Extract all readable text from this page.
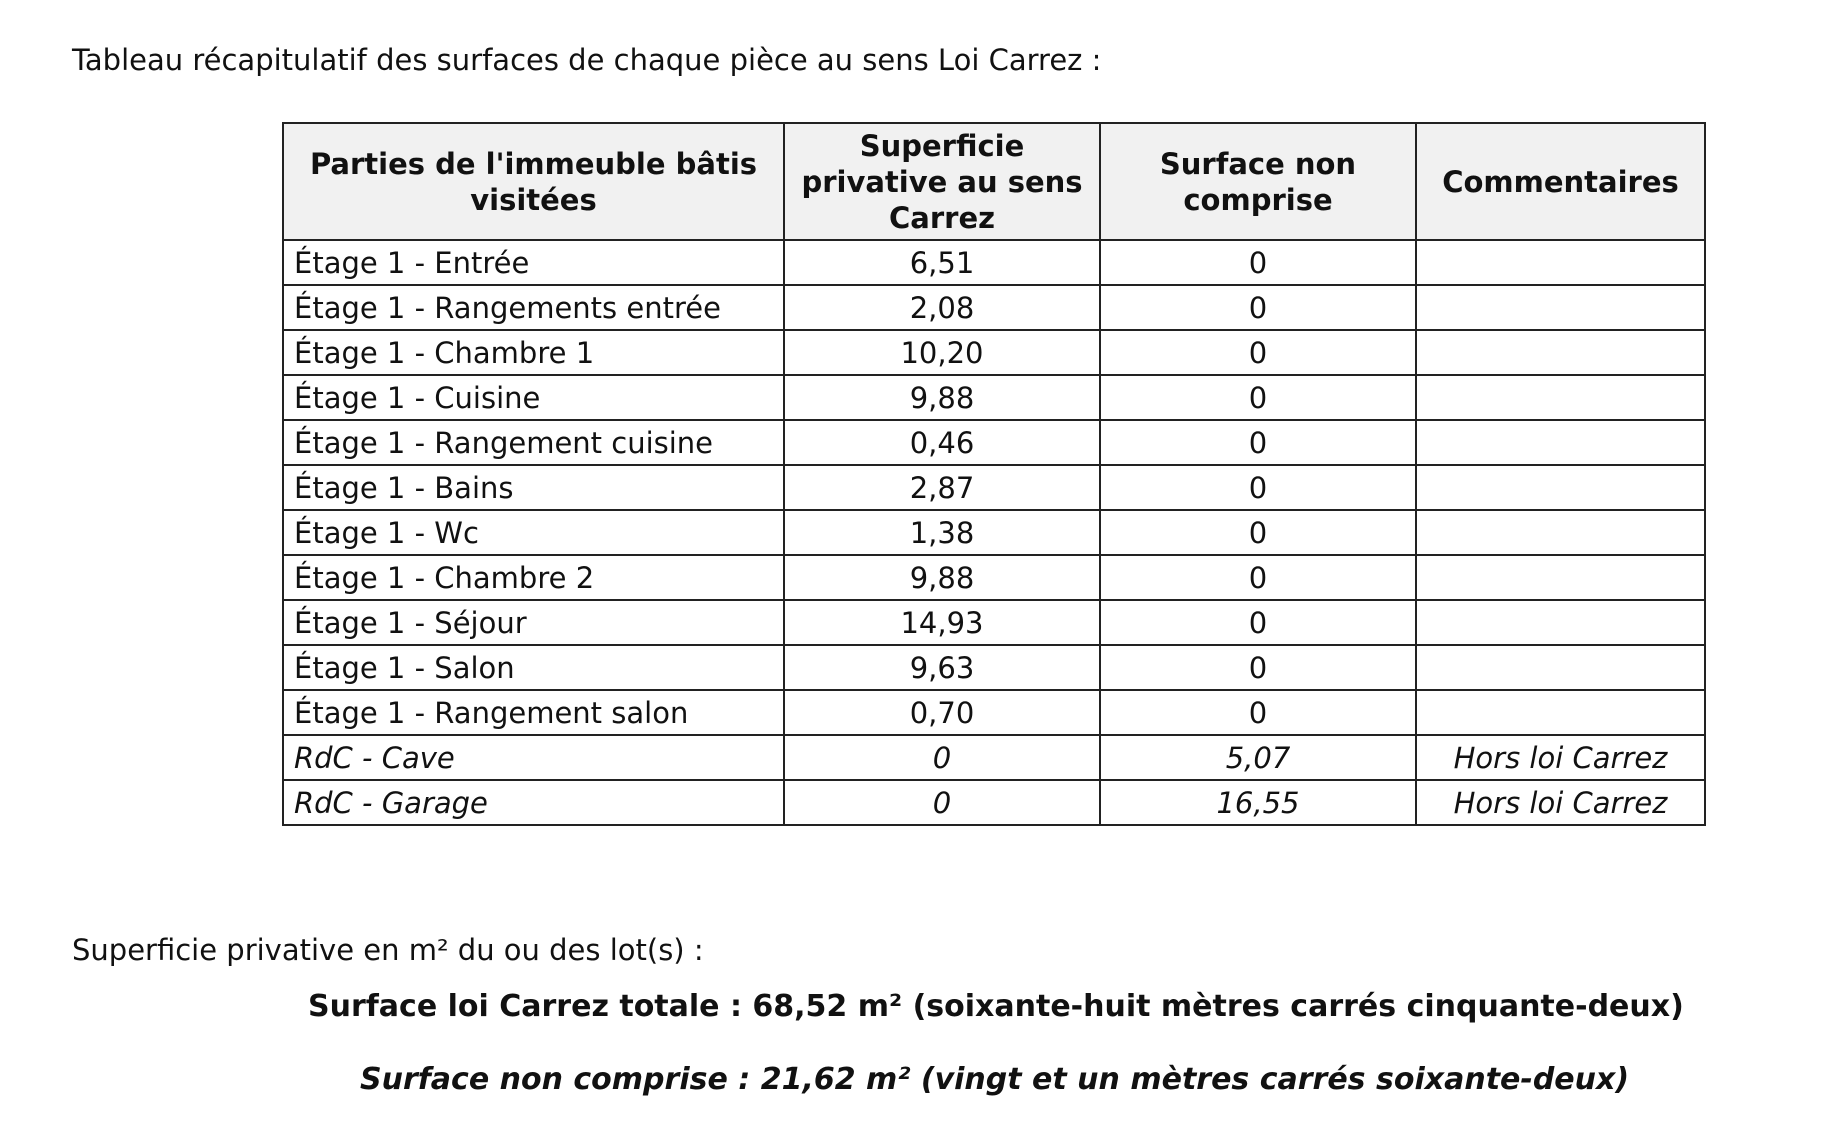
Tableau récapitulatif des surfaces de chaque pièce au sens Loi Carrez :
Parties de l'immeuble bâtis visitées	Superficie privative au sens Carrez	Surface non comprise	Commentaires
Étage 1 - Entrée	6,51	0	
Étage 1 - Rangements entrée	2,08	0	
Étage 1 - Chambre 1	10,20	0	
Étage 1 - Cuisine	9,88	0	
Étage 1 - Rangement cuisine	0,46	0	
Étage 1 - Bains	2,87	0	
Étage 1 - Wc	1,38	0	
Étage 1 - Chambre 2	9,88	0	
Étage 1 - Séjour	14,93	0	
Étage 1 - Salon	9,63	0	
Étage 1 - Rangement salon	0,70	0	
RdC - Cave	0	5,07	Hors loi Carrez
RdC - Garage	0	16,55	Hors loi Carrez
Superficie privative en m² du ou des lot(s) :
Surface loi Carrez totale : 68,52 m² (soixante-huit mètres carrés cinquante-deux)
Surface non comprise : 21,62 m² (vingt et un mètres carrés soixante-deux)
